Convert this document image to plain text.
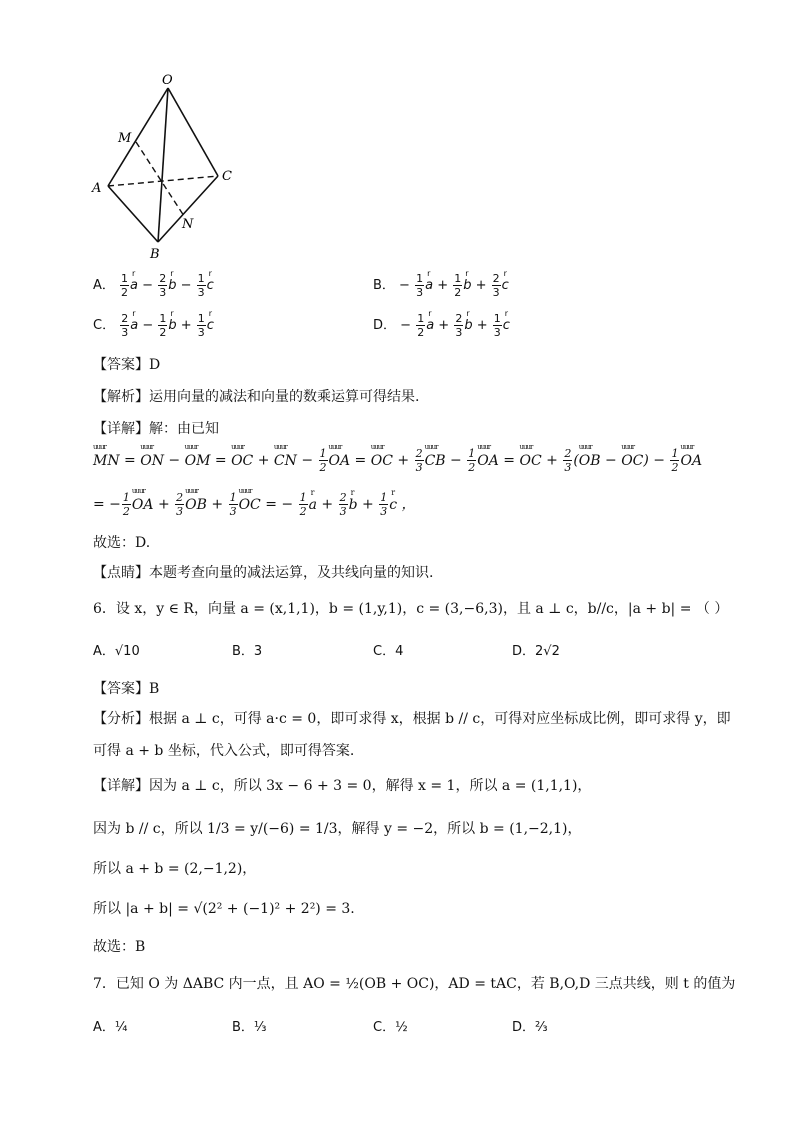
O
M
A
C
N
B
A． $\frac{1}{2}$ r $a - \frac{2}{3}$ r $b - \frac{1}{3}$ r c	B． − $\frac{1}{3}$ r $a + \frac{1}{2}$ r $b + \frac{2}{3}$ r c
C． $\frac{2}{3}$ r $a - \frac{1}{2}$ r $b + \frac{1}{3}$ r c	D． − $\frac{1}{2}$ r $a + \frac{2}{3}$ r $b + \frac{1}{3}$ r c
【答案】D
【解析】运用向量的减法和向量的数乘运算可得结果.
【详解】解：由已知
uuur MN = uuur ON − uuur OM = uuur OC + uuur CN − $\frac{1}{2}$ uuur OA = uuur OC + $\frac{2}{3}$ uuur CB − $\frac{1}{2}$ uuur OA = uuur OC + $\frac{2}{3}$ (uuur OB − uuur $OC) - \frac{1}{2}$ uuur OA
= − $\frac{1}{2}$ uuur OA + $\frac{2}{3}$ uuur OB + $\frac{1}{3}$ uuur OC = − $\frac{1}{2}$ r $a + \frac{2}{3}$ r $b + \frac{1}{3}$ r c ，
故选：D.
【点睛】本题考查向量的减法运算，及共线向量的知识.
6．设 x，y ∈ R，向量 a = (x,1,1)，b = (1,y,1)，c = (3,−6,3)，且 a ⊥ c，b//c，|a + b| = （ ）
A．√10	B．3	C．4	D．2√2
【答案】B
【分析】根据 a ⊥ c，可得 a·c = 0，即可求得 x，根据 b // c，可得对应坐标成比例，即可求得 y，即
可得 a + b 坐标，代入公式，即可得答案.
【详解】因为 a ⊥ c，所以 3x − 6 + 3 = 0，解得 x = 1，所以 a = (1,1,1)，
因为 b // c，所以 1/3 = y/(−6) = 1/3，解得 y = −2，所以 b = (1,−2,1)，
所以 a + b = (2,−1,2)，
所以 |a + b| = √(2² + (−1)² + 2²) = 3.
故选：B
7．已知 O 为 ΔABC 内一点，且 AO = ½(OB + OC)，AD = tAC，若 B,O,D 三点共线，则 t 的值为
A．¼	B．⅓	C．½	D．⅔
